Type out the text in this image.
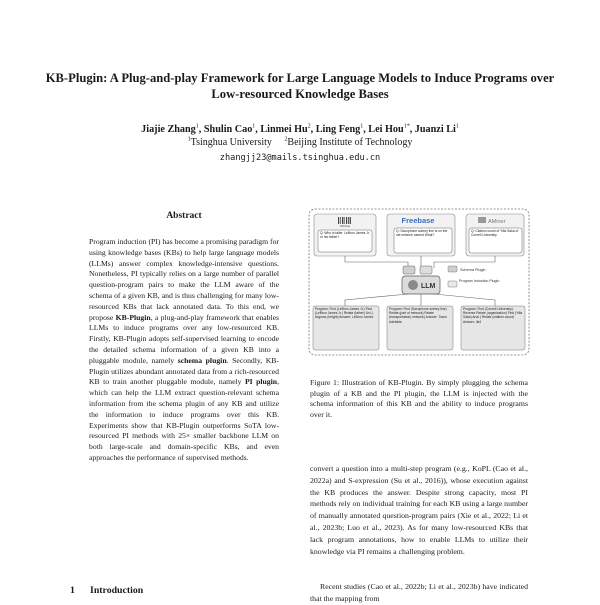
KB-Plugin: A Plug-and-play Framework for Large Language Models to Induce Programs over Low-resourced Knowledge Bases
Jiajie Zhang$^1$, Shulin Cao$^1$, Linmei Hu$^2$, Ling Feng$^1$, Lei Hou$^{1*}$, Juanzi Li$^1$
$^1$Tsinghua University $^2$Beijing Institute of Technology
zhangjj23@mails.tsinghua.edu.cn
Abstract
Program induction (PI) has become a promising paradigm for using knowledge bases (KBs) to help large language models (LLMs) answer complex knowledge-intensive questions. Nonetheless, PI typically relies on a large number of parallel question-program pairs to make the LLM aware of the schema of a given KB, and is thus challenging for many low-resourced KBs that lack annotated data. To this end, we propose KB-Plugin, a plug-and-play framework that enables LLMs to induce programs over any low-resourced KB. Firstly, KB-Plugin adopts self-supervised learning to encode the detailed schema information of a given KB into a pluggable module, namely schema plugin. Secondly, KB-Plugin utilizes abundant annotated data from a rich-resourced KB to train another pluggable module, namely PI plugin, which can help the LLM extract question-relevant schema information from the schema plugin of any KB and utilize the information to induce programs over this KB. Experiments show that KB-Plugin outperforms SoTA low-resourced PI methods with 25× smaller backbone LLM on both large-scale and domain-specific KBs, and even approaches the performance of supervised methods.
1 Introduction
Wikidata
Freebase	AMiner
Q: Who is taller, LeBron James Jr. or his father?
Q: Saxophone subrey line is on the rail network named What?
Q: Citation count of Yilla Saka of Cornell University
LLM
Schema Plugin
Program Induction Plugin
Program: Find (LeBron James Jr.) Find (LeBron James Jr.) Relate (father) Uni.) Argmax (height) Answer: LeBron James
Program: Find (Saxophone subrey line) Relate (part of network) Relate (transportation) network) Answer: Trans Adelaide
Program: Find (Cornell University) Reverse Relate (organization) Find (Yilla Saka) Anal.) Relate (citation count) Answer: 4k4
Figure 1: Illustration of KB-Plugin. By simply plugging the schema plugin of a KB and the PI plugin, the LLM is injected with the schema information of this KB and the ability to induce programs over it.
convert a question into a multi-step program (e.g., KoPL (Cao et al., 2022a) and S-expression (Su et al., 2016)), whose execution against the KB produces the answer. Despite strong capacity, most PI methods rely on individual training for each KB using a large number of manually annotated question-program pairs (Xie et al., 2022; Li et al., 2023b; Luo et al., 2023). As for many low-resourced KBs that lack program annotations, how to enable LLMs to utilize their knowledge via PI remains a challenging problem.
Recent studies (Cao et al., 2022b; Li et al., 2023b) have indicated that the mapping from
